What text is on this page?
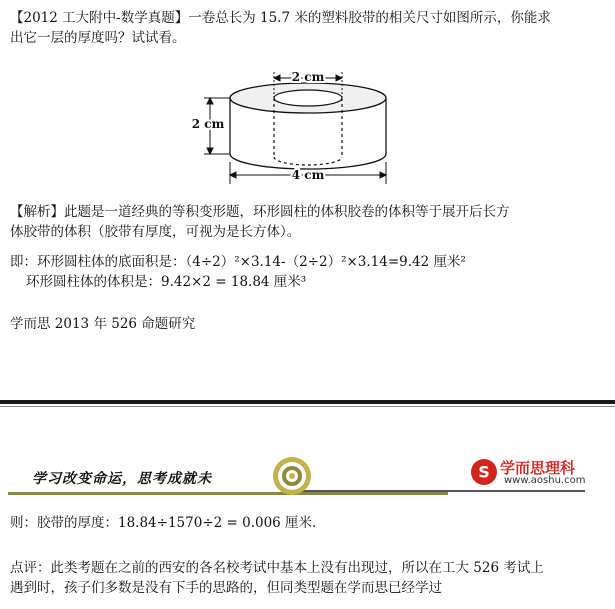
【2012 工大附中-数学真题】一卷总长为 15.7 米的塑料胶带的相关尺寸如图所示，你能求
出它一层的厚度吗？试试看。
2 cm
2 cm
4 cm
【解析】此题是一道经典的等积变形题，环形圆柱的体积胶卷的体积等于展开后长方
体胶带的体积（胶带有厚度，可视为是长方体）。
即：环形圆柱体的底面积是：（4÷2）²×3.14-（2÷2）²×3.14=9.42 厘米²
环形圆柱体的体积是：9.42×2 = 18.84 厘米³
学而思 2013 年 526 命题研究
学习改变命运，思考成就未	S 学而思理科
www.aoshu.com
则：胶带的厚度：18.84÷1570÷2 = 0.006 厘米.
点评：此类考题在之前的西安的各名校考试中基本上没有出现过，所以在工大 526 考试上
遇到时，孩子们多数是没有下手的思路的，但同类型题在学而思已经学过
